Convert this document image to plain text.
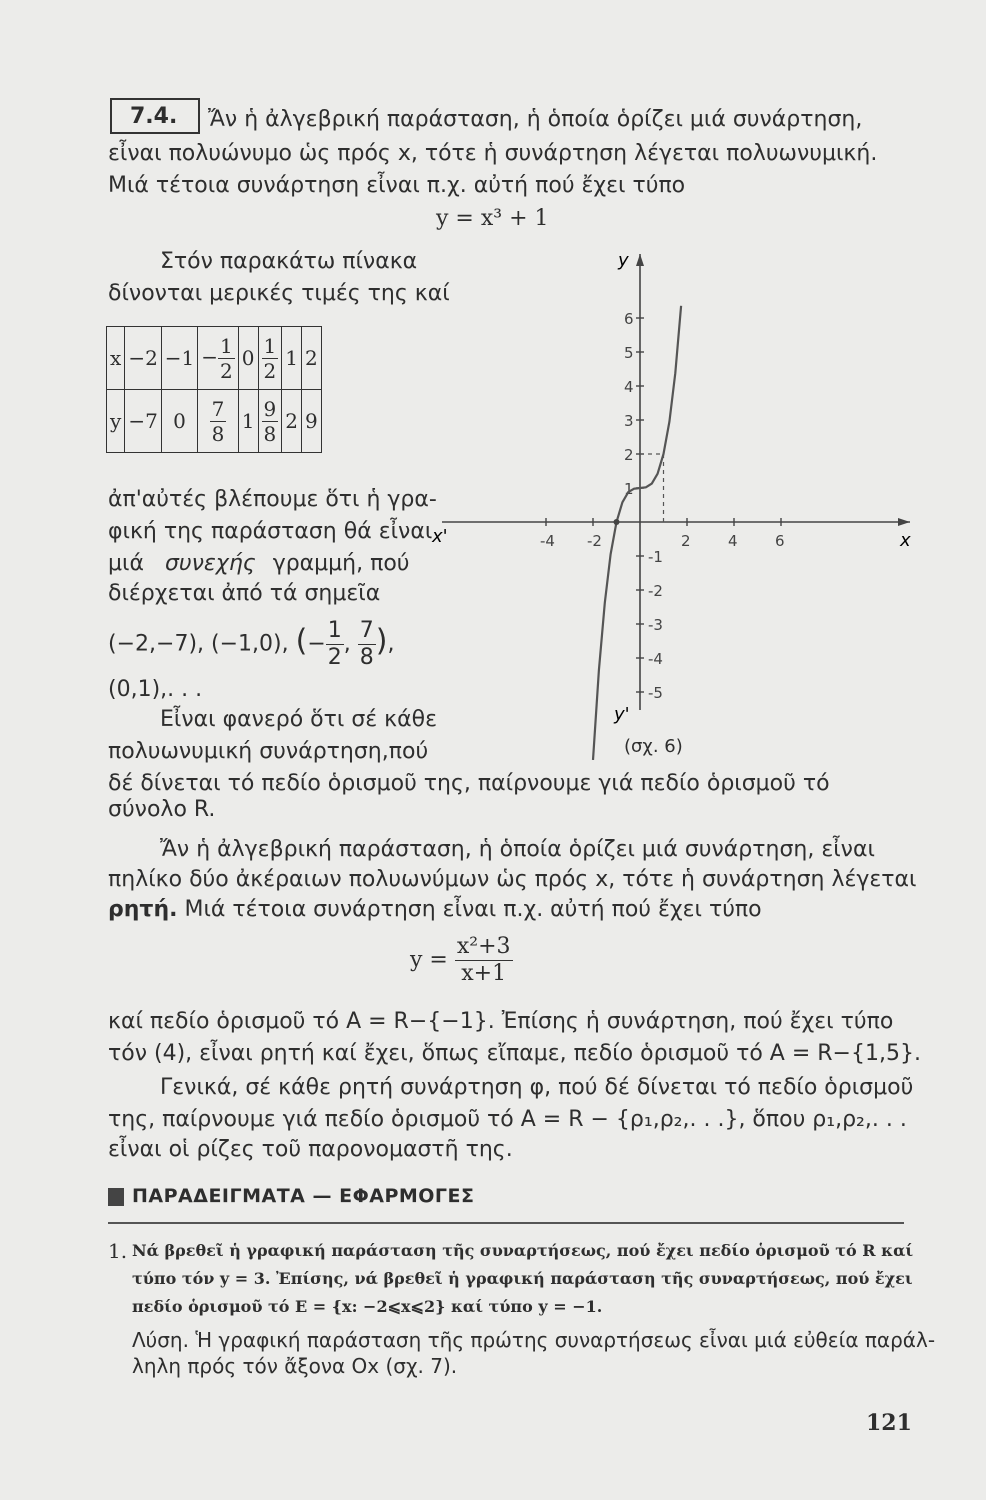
7.4. Ἄν ἡ ἀλγεβρική παράσταση, ἡ ὁποία ὁρίζει μιά συνάρτηση,
εἶναι πολυώνυμο ὡς πρός x, τότε ἡ συνάρτηση λέγεται πολυωνυμική.
Μιά τέτοια συνάρτηση εἶναι π.χ. αὐτή πού ἔχει τύπο
y = x³ + 1
Στόν παρακάτω πίνακα
δίνονται μερικές τιμές της καί
x	−2	−1	− $\frac{1}{2}$	0	$\frac{1}{2}$	1	2
y	−7	0	$\frac{7}{8}$	1	$\frac{9}{8}$	2	9
ἀπ'αὐτές βλέπουμε ὅτι ἡ γρα-
φική της παράσταση θά εἶναι
μιά συνεχής γραμμή, πού
διέρχεται ἀπό τά σημεῖα
(−2,−7), (−1,0), (− $\frac{1}{2}$ , $\frac{7}{8}$ ),
(0,1),. . .
Εἶναι φανερό ὅτι σέ κάθε
πολυωνυμική συνάρτηση,πού
δέ δίνεται τό πεδίο ὁρισμοῦ της, παίρνουμε γιά πεδίο ὁρισμοῦ τό
σύνολο R.
-4 -2	2 4 6
1
2
3
4
5
6
-1
-2
-3
-4
-5
x
x'
y
y'
(σχ. 6)
Ἄν ἡ ἀλγεβρική παράσταση, ἡ ὁποία ὁρίζει μιά συνάρτηση, εἶναι
πηλίκο δύο ἀκέραιων πολυωνύμων ὡς πρός x, τότε ἡ συνάρτηση λέγεται
ρητή. Μιά τέτοια συνάρτηση εἶναι π.χ. αὐτή πού ἔχει τύπο
$y = \frac{\text{x²+3}}{x+1}$
καί πεδίο ὁρισμοῦ τό A = R−{−1}. Ἐπίσης ἡ συνάρτηση, πού ἔχει τύπο
τόν (4), εἶναι ρητή καί ἔχει, ὅπως εἴπαμε, πεδίο ὁρισμοῦ τό A = R−{1,5}.
Γενικά, σέ κάθε ρητή συνάρτηση φ, πού δέ δίνεται τό πεδίο ὁρισμοῦ
της, παίρνουμε γιά πεδίο ὁρισμοῦ τό A = R − {ρ₁,ρ₂,. . .}, ὅπου ρ₁,ρ₂,. . .
εἶναι οἱ ρίζες τοῦ παρονομαστῆ της.
ΠΑΡΑΔΕΙΓΜΑΤΑ — ΕΦΑΡΜΟΓΕΣ
1. Νά βρεθεῖ ἡ γραφική παράσταση τῆς συναρτήσεως, πού ἔχει πεδίο ὁρισμοῦ τό R καί
τύπο τόν y = 3. Ἐπίσης, νά βρεθεῖ ἡ γραφική παράσταση τῆς συναρτήσεως, πού ἔχει
πεδίο ὁρισμοῦ τό E = {x: −2⩽x⩽2} καί τύπο y = −1.
Λύση. Ἡ γραφική παράσταση τῆς πρώτης συναρτήσεως εἶναι μιά εὐθεία παράλ-
ληλη πρός τόν ἄξονα Ox (σχ. 7).
121
